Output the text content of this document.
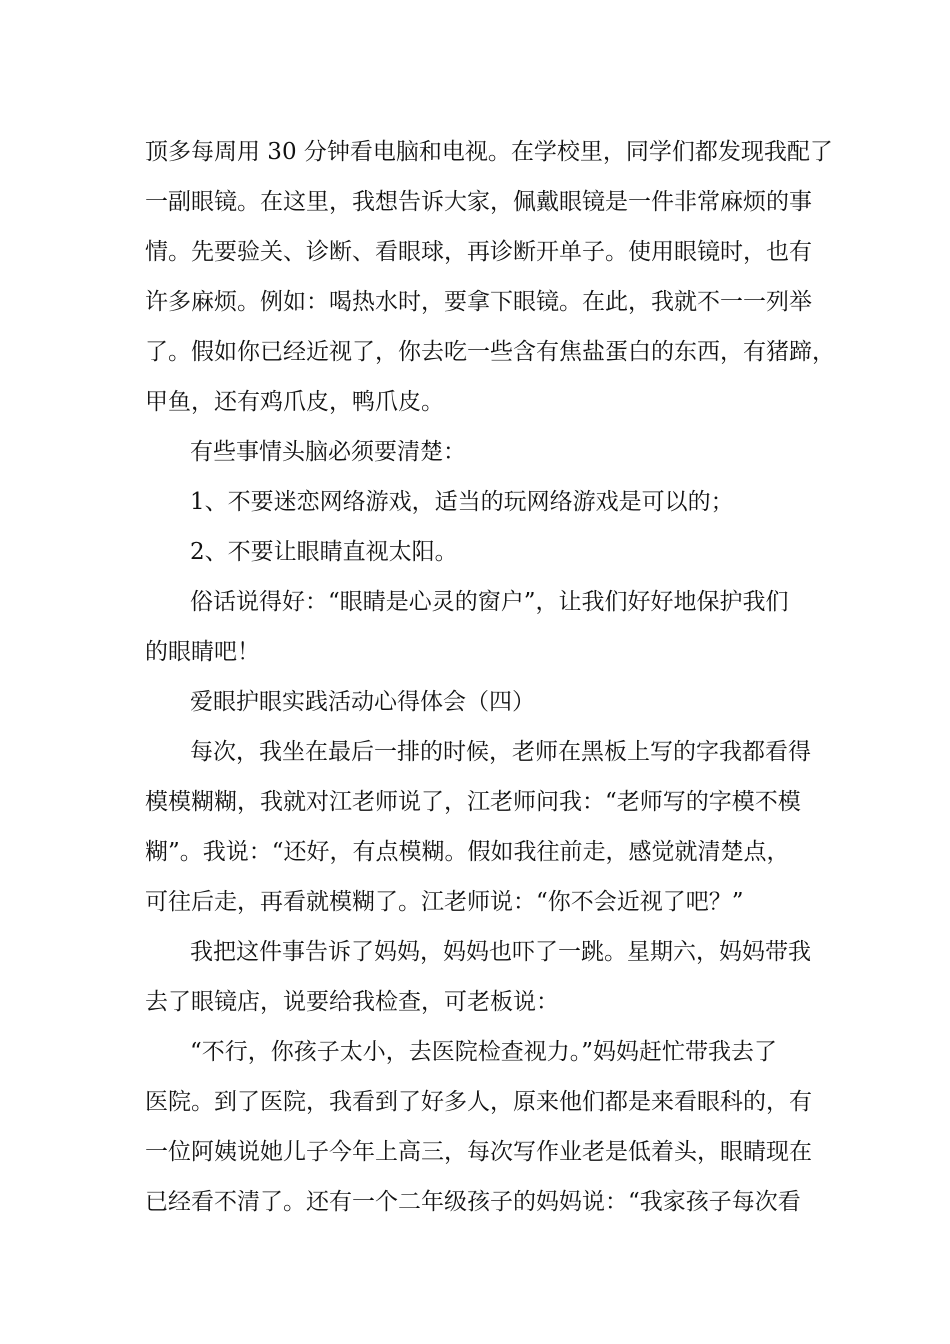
顶多每周用 30 分钟看电脑和电视。在学校里，同学们都发现我配了
一副眼镜。在这里，我想告诉大家，佩戴眼镜是一件非常麻烦的事
情。先要验关、诊断、看眼球，再诊断开单子。使用眼镜时，也有
许多麻烦。例如：喝热水时，要拿下眼镜。在此，我就不一一列举
了。假如你已经近视了，你去吃一些含有焦盐蛋白的东西，有猪蹄，
甲鱼，还有鸡爪皮，鸭爪皮。
有些事情头脑必须要清楚：
1、不要迷恋网络游戏，适当的玩网络游戏是可以的；
2、不要让眼睛直视太阳。
俗话说得好：“眼睛是心灵的窗户”，让我们好好地保护我们
的眼睛吧！
爱眼护眼实践活动心得体会（四）
每次，我坐在最后一排的时候，老师在黑板上写的字我都看得
模模糊糊，我就对江老师说了，江老师问我：“老师写的字模不模
糊”。我说：“还好，有点模糊。假如我往前走，感觉就清楚点，
可往后走，再看就模糊了。江老师说：“你不会近视了吧？”
我把这件事告诉了妈妈，妈妈也吓了一跳。星期六，妈妈带我
去了眼镜店，说要给我检查，可老板说：
“不行，你孩子太小，去医院检查视力。”妈妈赶忙带我去了
医院。到了医院，我看到了好多人，原来他们都是来看眼科的，有
一位阿姨说她儿子今年上高三，每次写作业老是低着头，眼睛现在
已经看不清了。还有一个二年级孩子的妈妈说：“我家孩子每次看
